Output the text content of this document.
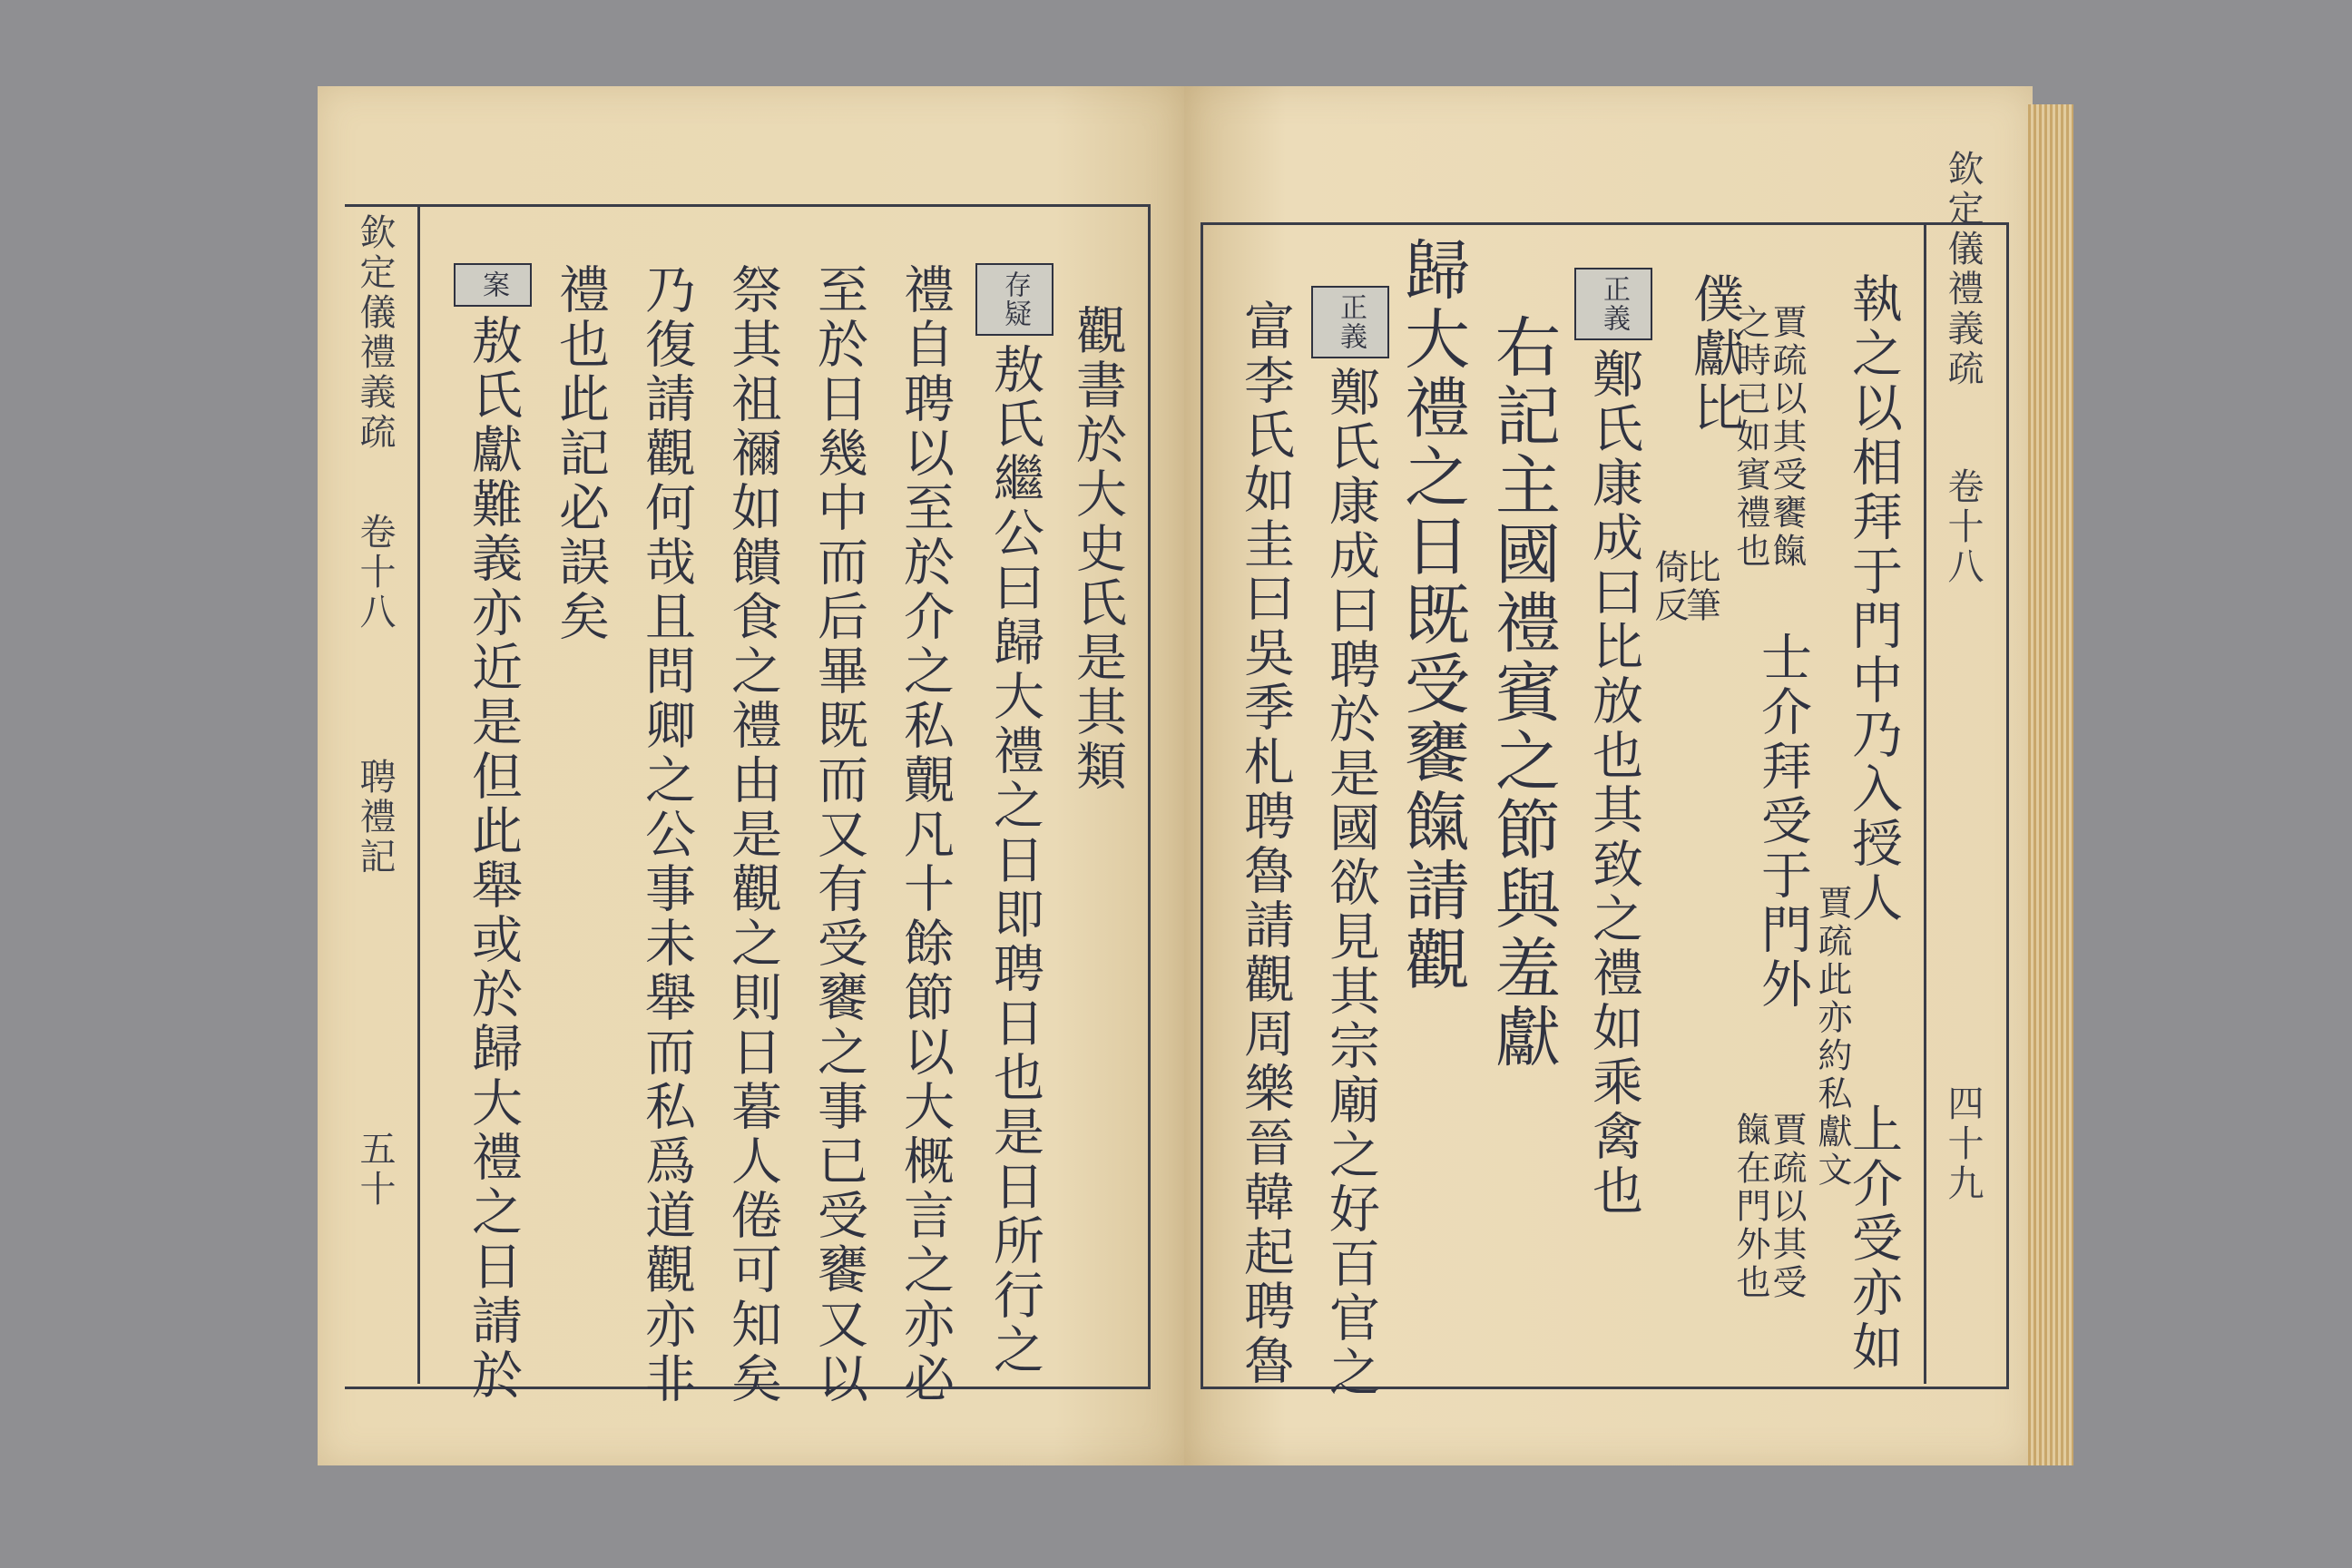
欽定儀禮義疏
卷十八
聘禮記
五十
案敖氏獻難義亦近是但此舉或於歸大禮之日請於 禮也此記必誤矣 乃復請觀何哉且問卿之公事未舉而私爲道觀亦非 祭其祖禰如饋食之禮由是觀之則日暮人倦可知矣 至於日幾中而后畢既而又有受饔之事已受饔又以 禮自聘以至於介之私覿凡十餘節以大概言之亦必	存疑敖氏繼公曰歸大禮之日即聘日也是日所行之 觀書於大史氏是其類
欽定儀禮義疏
卷十八
四十九
富李氏如圭曰吳季札聘魯請觀周樂晉韓起聘魯	正義鄭氏康成曰聘於是國欲見其宗廟之好百官之 歸大禮之日既受饔餼請觀 右記主國禮賓之節與羞獻
正義鄭氏康成曰比放也其致之禮如乘禽也 僕獻比
比筆
倚反
賈疏以其受饔餼
之時已如賓禮也
士介拜受于門外
賈疏以其受
餼在門外也
執之以相拜于門中乃入授人
賈疏此亦約私獻文
上介受亦如
